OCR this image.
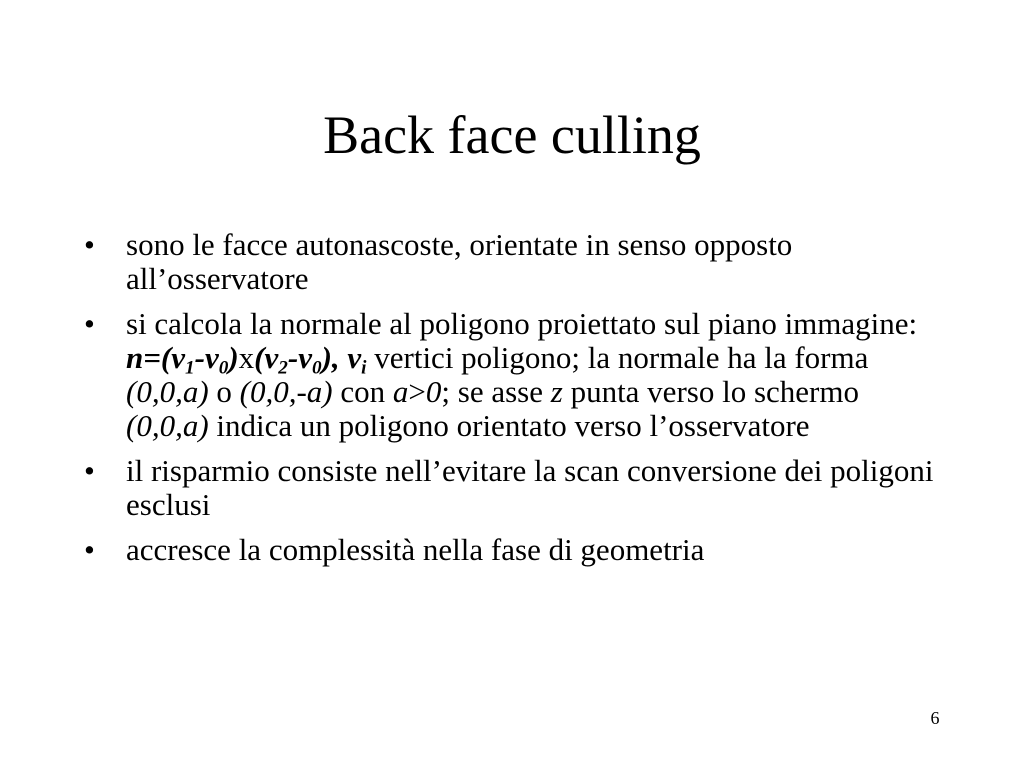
Back face culling
•	sono le facce autonascoste, orientate in senso opposto all’osservatore
•	si calcola la normale al poligono proiettato sul piano immagine: $n=(v_1-v_0)x(v_2-v_0)$, $v_i$ vertici poligono; la normale ha la forma (0,0,a) o (0,0,-a) con a>0; se asse z punta verso lo schermo (0,0,a) indica un poligono orientato verso l’osservatore
•	il risparmio consiste nell’evitare la scan conversione dei poligoni esclusi
•	accresce la complessità nella fase di geometria
6
